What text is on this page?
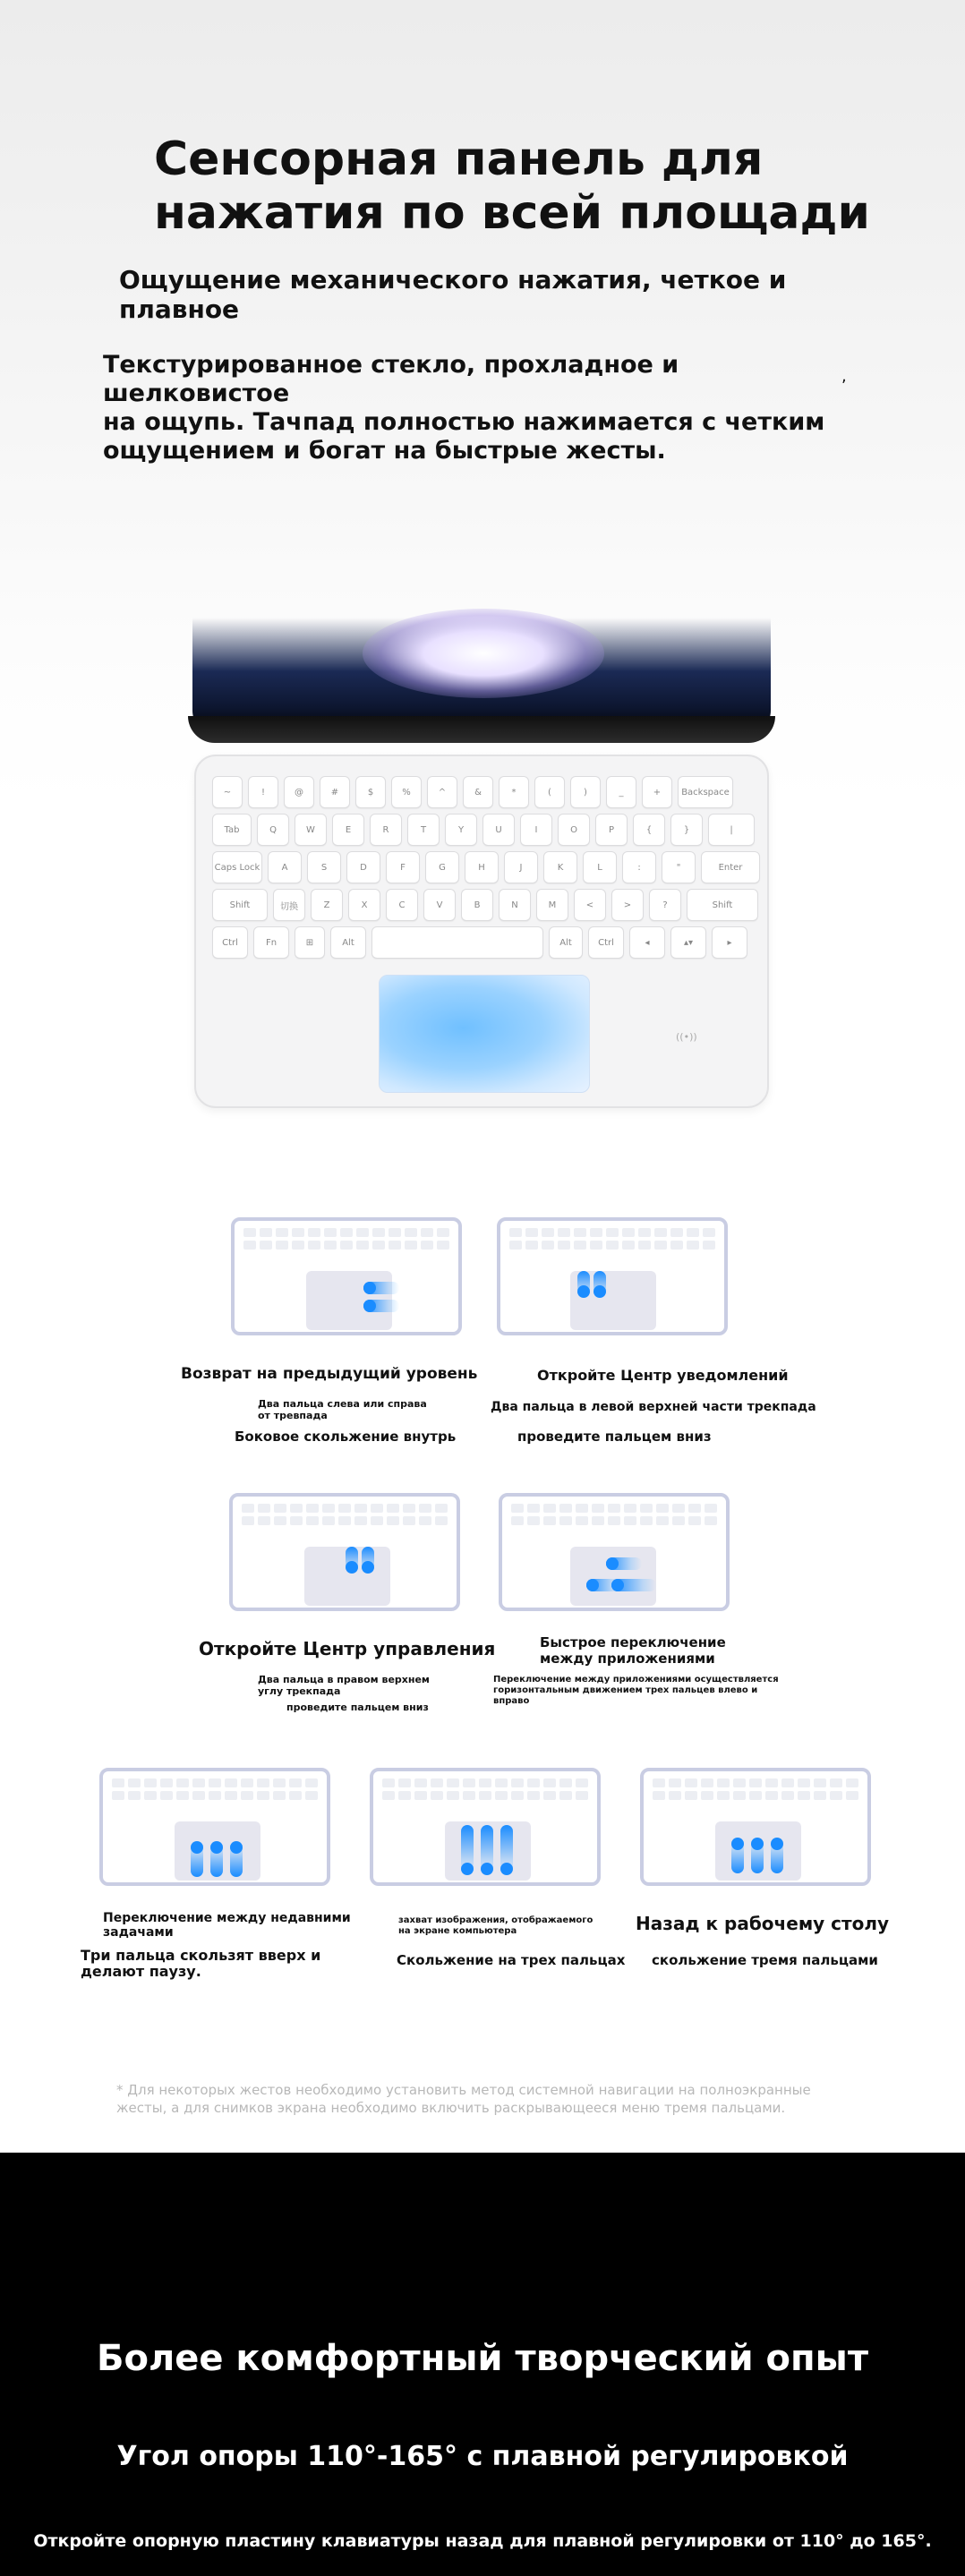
Сенсорная панель для
нажатия по всей площади
Ощущение механического нажатия, четкое и плавное
Текстурированное стекло, прохладное и шелковистое
на ощупь. Тачпад полностью нажимается с четким
ощущением и богат на быстрые жесты.
,
~	!	@	#	$	%	^	&	*	(	)	_	+	Backspace
Tab	Q	W	E	R	T	Y	U	I	O	P	{	}	|
Caps Lock	A	S	D	F	G	H	J	K	L	:	"	Enter
Shift	切换	Z	X	C	V	B	N	M	<	>	?	Shift
Ctrl	Fn	⊞	Alt	Alt	Ctrl	◂	▴▾	▸
((•))
Возврат на предыдущий уровень
Два пальца слева или справа от тревпада
Боковое скольжение внутрь
Откройте Центр уведомлений
Два пальца в левой верхней части трекпада
проведите пальцем вниз
Откройте Центр управления
Два пальца в правом верхнем углу трекпада
проведите пальцем вниз
Быстрое переключение между приложениями
Переключение между приложениями осуществляется горизонтальным движением трех пальцев влево и вправо
Переключение между недавними задачами
Три пальца скользят вверх и делают паузу.
захват изображения, отображаемого на экране компьютера
Скольжение на трех пальцах
Назад к рабочему столу
скольжение тремя пальцами
* Для некоторых жестов необходимо установить метод системной навигации на полноэкранные жесты, а для снимков экрана необходимо включить раскрывающееся меню тремя пальцами.
Более комфортный творческий опыт
Угол опоры 110°-165° с плавной регулировкой
Откройте опорную пластину клавиатуры назад для плавной регулировки от 110° до 165°.
